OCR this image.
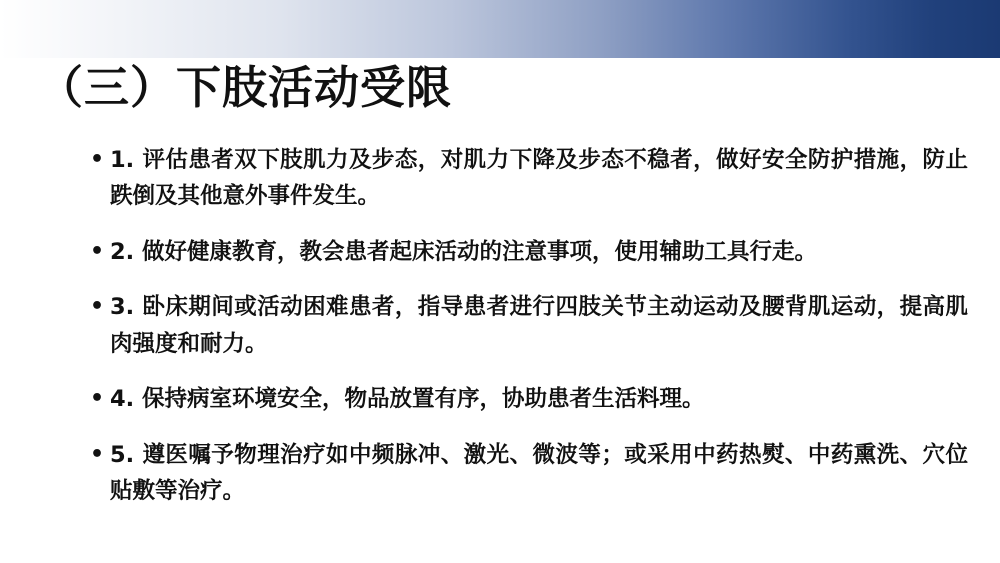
（三）下肢活动受限
• 1. 评估患者双下肢肌力及步态，对肌力下降及步态不稳者，做好安全防护措施，防止跌倒及其他意外事件发生。
• 2. 做好健康教育，教会患者起床活动的注意事项，使用辅助工具行走。
• 3. 卧床期间或活动困难患者，指导患者进行四肢关节主动运动及腰背肌运动，提高肌肉强度和耐力。
• 4. 保持病室环境安全，物品放置有序，协助患者生活料理。
• 5. 遵医嘱予物理治疗如中频脉冲、激光、微波等；或采用中药热熨、中药熏洗、穴位贴敷等治疗。
